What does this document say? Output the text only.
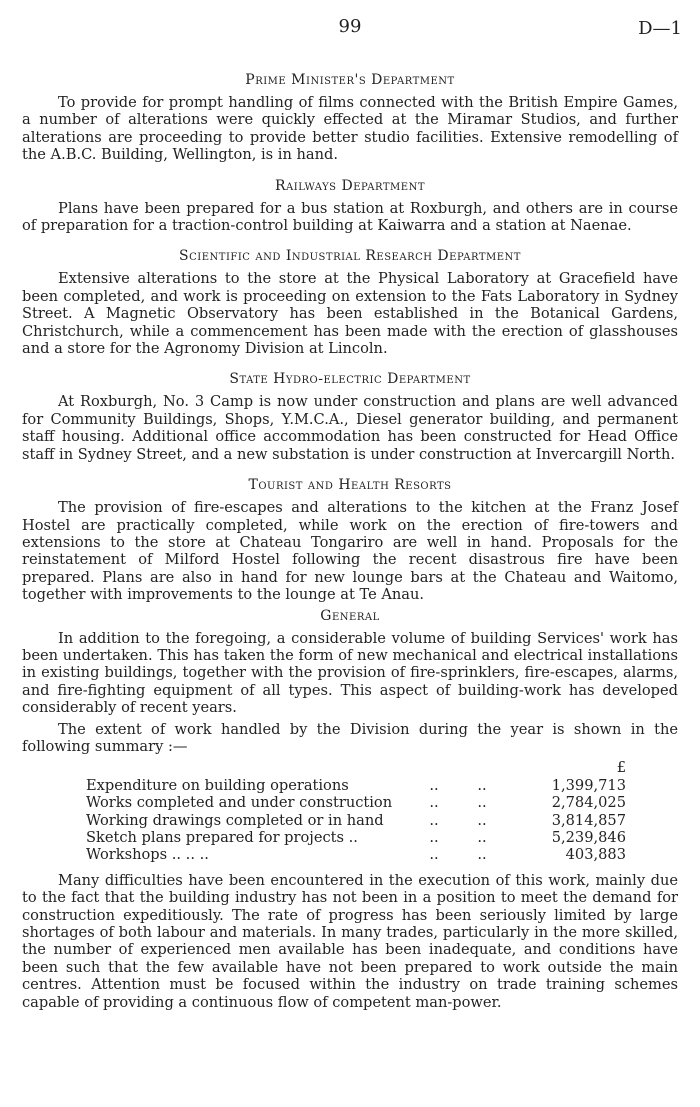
99	D—1
Prime Minister's Department

To provide for prompt handling of films connected with the British Empire Games, a number of alterations were quickly effected at the Miramar Studios, and further alterations are proceeding to provide better studio facilities. Extensive remodelling of the A.B.C. Building, Wellington, is in hand.

Railways Department

Plans have been prepared for a bus station at Roxburgh, and others are in course of preparation for a traction-control building at Kaiwarra and a station at Naenae.

Scientific and Industrial Research Department

Extensive alterations to the store at the Physical Laboratory at Gracefield have been completed, and work is proceeding on extension to the Fats Laboratory in Sydney Street. A Magnetic Observatory has been established in the Botanical Gardens, Christchurch, while a commencement has been made with the erection of glasshouses and a store for the Agronomy Division at Lincoln.

State Hydro-electric Department

At Roxburgh, No. 3 Camp is now under construction and plans are well advanced for Community Buildings, Shops, Y.M.C.A., Diesel generator building, and permanent staff housing. Additional office accommodation has been constructed for Head Office staff in Sydney Street, and a new substation is under construction at Invercargill North.

Tourist and Health Resorts

The provision of fire-escapes and alterations to the kitchen at the Franz Josef Hostel are practically completed, while work on the erection of fire-towers and extensions to the store at Chateau Tongariro are well in hand. Proposals for the reinstatement of Milford Hostel following the recent disastrous fire have been prepared. Plans are also in hand for new lounge bars at the Chateau and Waitomo, together with improvements to the lounge at Te Anau.

General

In addition to the foregoing, a considerable volume of building Services' work has been undertaken. This has taken the form of new mechanical and electrical installations in existing buildings, together with the provision of fire-sprinklers, fire-escapes, alarms, and fire-fighting equipment of all types. This aspect of building-work has developed considerably of recent years.

The extent of work handled by the Division during the year is shown in the following summary :—

£
Expenditure on building operations	..	..	1,399,713
Works completed and under construction	..	..	2,784,025
Working drawings completed or in hand	..	..	3,814,857
Sketch plans prepared for projects ..	..	..	5,239,846
Workshops .. .. ..	..	..	403,883

Many difficulties have been encountered in the execution of this work, mainly due to the fact that the building industry has not been in a position to meet the demand for construction expeditiously. The rate of progress has been seriously limited by large shortages of both labour and materials. In many trades, particularly in the more skilled, the number of experienced men available has been inadequate, and conditions have been such that the few available have not been prepared to work outside the main centres. Attention must be focused within the industry on trade training schemes capable of providing a continuous flow of competent man-power.
